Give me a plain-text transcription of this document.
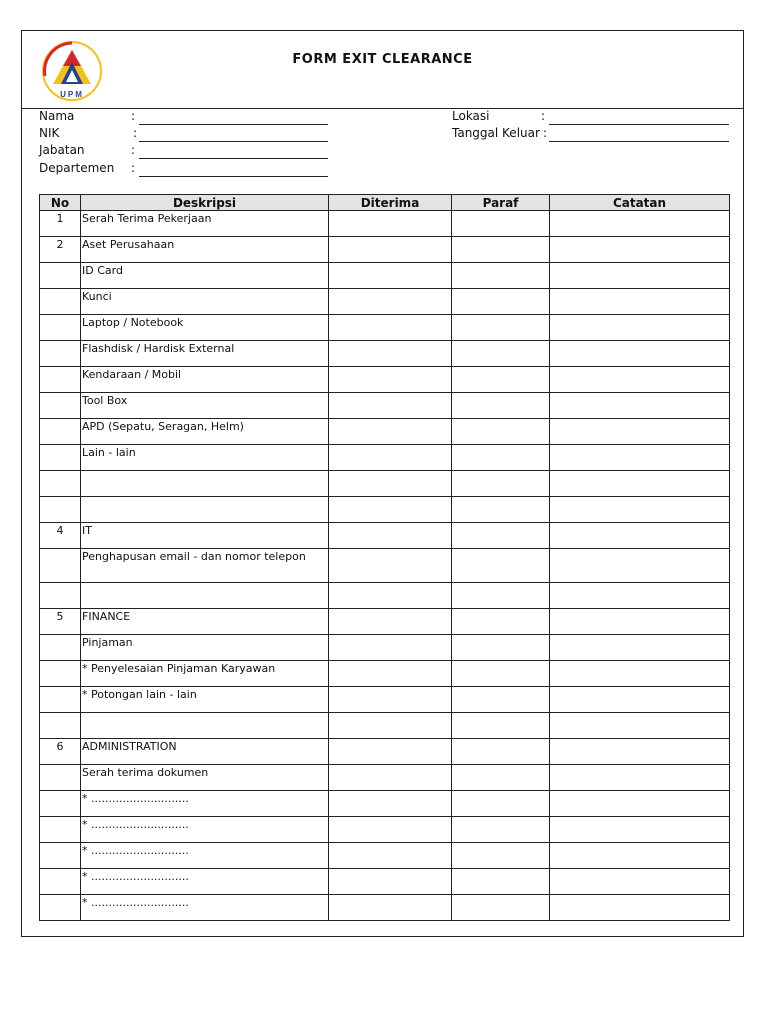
UPM
FORM EXIT CLEARANCE
Nama	:
NIK	:
Jabatan	:
Departemen :
Lokasi	:
Tanggal Keluar :
No	Deskripsi	Diterima	Paraf	Catatan
1	Serah Terima Pekerjaan			
2	Aset Perusahaan			
	ID Card			
	Kunci			
	Laptop / Notebook			
	Flashdisk / Hardisk External			
	Kendaraan / Mobil			
	Tool Box			
	APD (Sepatu, Seragan, Helm)			
	Lain - lain			

4	IT			
	Penghapusan email - dan nomor telepon			

5	FINANCE			
	Pinjaman			
	* Penyelesaian Pinjaman Karyawan			
	* Potongan lain - lain			

6	ADMINISTRATION			
	Serah terima dokumen			
	* ............................			
	* ............................			
	* ............................			
	* ............................			
	* ............................			
